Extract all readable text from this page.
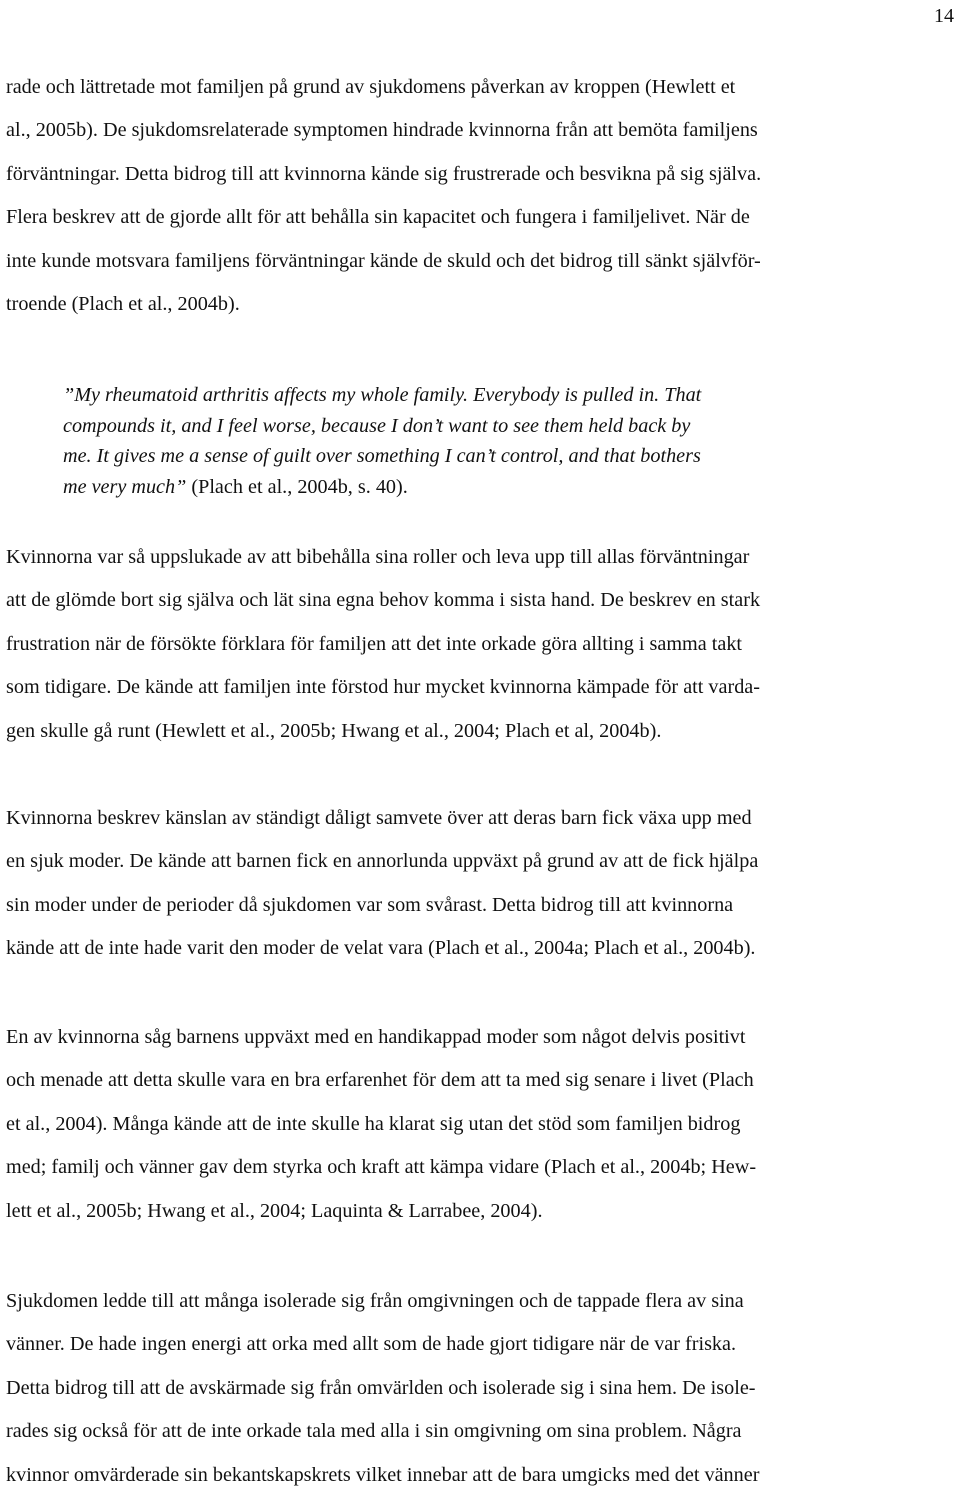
14

rade och lättretade mot familjen på grund av sjukdomens påverkan av kroppen (Hewlett et
al., 2005b). De sjukdomsrelaterade symptomen hindrade kvinnorna från att bemöta familjens
förväntningar. Detta bidrog till att kvinnorna kände sig frustrerade och besvikna på sig själva.
Flera beskrev att de gjorde allt för att behålla sin kapacitet och fungera i familjelivet. När de
inte kunde motsvara familjens förväntningar kände de skuld och det bidrog till sänkt självför-
troende (Plach et al., 2004b).

”My rheumatoid arthritis affects my whole family. Everybody is pulled in. That
compounds it, and I feel worse, because I don’t want to see them held back by
me. It gives me a sense of guilt over something I can’t control, and that bothers
me very much” (Plach et al., 2004b, s. 40).

Kvinnorna var så uppslukade av att bibehålla sina roller och leva upp till allas förväntningar
att de glömde bort sig själva och lät sina egna behov komma i sista hand. De beskrev en stark
frustration när de försökte förklara för familjen att det inte orkade göra allting i samma takt
som tidigare. De kände att familjen inte förstod hur mycket kvinnorna kämpade för att varda-
gen skulle gå runt (Hewlett et al., 2005b; Hwang et al., 2004; Plach et al, 2004b).

Kvinnorna beskrev känslan av ständigt dåligt samvete över att deras barn fick växa upp med
en sjuk moder. De kände att barnen fick en annorlunda uppväxt på grund av att de fick hjälpa
sin moder under de perioder då sjukdomen var som svårast. Detta bidrog till att kvinnorna
kände att de inte hade varit den moder de velat vara (Plach et al., 2004a; Plach et al., 2004b).

En av kvinnorna såg barnens uppväxt med en handikappad moder som något delvis positivt
och menade att detta skulle vara en bra erfarenhet för dem att ta med sig senare i livet (Plach
et al., 2004). Många kände att de inte skulle ha klarat sig utan det stöd som familjen bidrog
med; familj och vänner gav dem styrka och kraft att kämpa vidare (Plach et al., 2004b; Hew-
lett et al., 2005b; Hwang et al., 2004; Laquinta & Larrabee, 2004).

Sjukdomen ledde till att många isolerade sig från omgivningen och de tappade flera av sina
vänner. De hade ingen energi att orka med allt som de hade gjort tidigare när de var friska.
Detta bidrog till att de avskärmade sig från omvärlden och isolerade sig i sina hem. De isole-
rades sig också för att de inte orkade tala med alla i sin omgivning om sina problem. Några
kvinnor omvärderade sin bekantskapskrets vilket innebar att de bara umgicks med det vänner
